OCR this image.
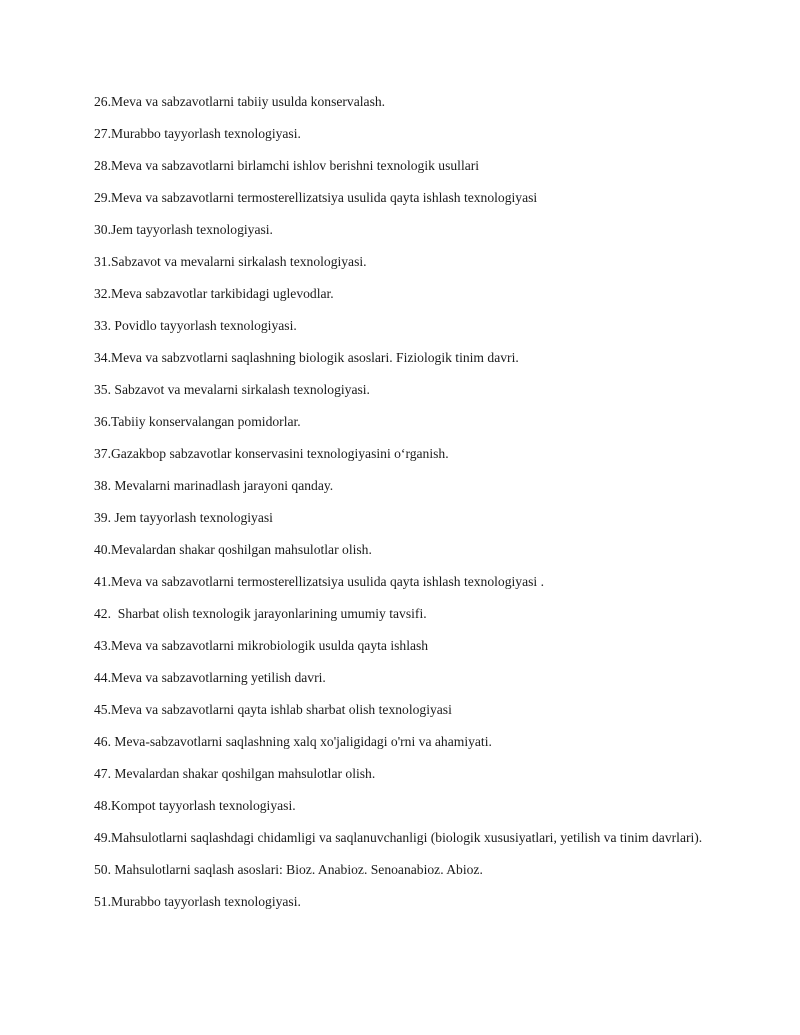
26.Meva va sabzavotlarni tabiiy usulda konservalash.
27.Murabbo tayyorlash texnologiyasi.
28.Meva va sabzavotlarni birlamchi ishlov berishni texnologik usullari
29.Meva va sabzavotlarni termosterellizatsiya usulida qayta ishlash texnologiyasi
30.Jem tayyorlash texnologiyasi.
31.Sabzavot va mevalarni sirkalash texnologiyasi.
32.Meva sabzavotlar tarkibidagi uglevodlar.
33. Povidlo tayyorlash texnologiyasi.
34.Meva va sabzvotlarni saqlashning biologik asoslari. Fiziologik tinim davri.
35. Sabzavot va mevalarni sirkalash texnologiyasi.
36.Tabiiy konservalangan pomidorlar.
37.Gazakbop sabzavotlar konservasini texnologiyasini o‘rganish.
38. Mevalarni marinadlash jarayoni qanday.
39. Jem tayyorlash texnologiyasi
40.Mevalardan shakar qoshilgan mahsulotlar olish.
41.Meva va sabzavotlarni termosterellizatsiya usulida qayta ishlash texnologiyasi .
42.  Sharbat olish texnologik jarayonlarining umumiy tavsifi.
43.Meva va sabzavotlarni mikrobiologik usulda qayta ishlash
44.Meva va sabzavotlarning yetilish davri.
45.Meva va sabzavotlarni qayta ishlab sharbat olish texnologiyasi
46. Meva-sabzavotlarni saqlashning xalq xo'jaligidagi o'rni va ahamiyati.
47. Mevalardan shakar qoshilgan mahsulotlar olish.
48.Kompot tayyorlash texnologiyasi.
49.Mahsulotlarni saqlashdagi chidamligi va saqlanuvchanligi (biologik xususiyatlari, yetilish va tinim davrlari).
50. Mahsulotlarni saqlash asoslari: Bioz. Anabioz. Senoanabioz. Abioz.
51.Murabbo tayyorlash texnologiyasi.
